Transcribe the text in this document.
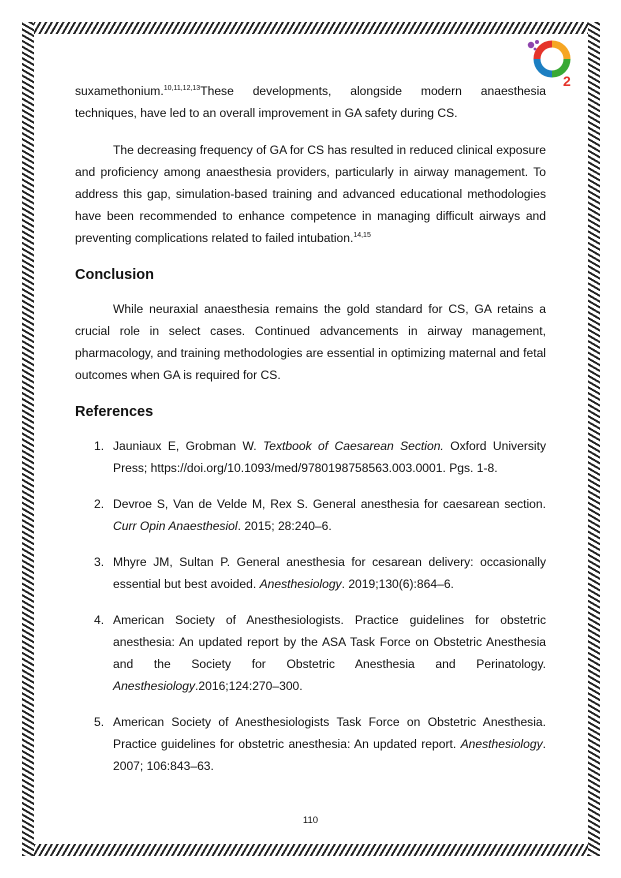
2

suxamethonium.$^{10,11,12,13}$These developments, alongside modern anaesthesia techniques, have led to an overall improvement in GA safety during CS.

The decreasing frequency of GA for CS has resulted in reduced clinical exposure and proficiency among anaesthesia providers, particularly in airway management. To address this gap, simulation-based training and advanced educational methodologies have been recommended to enhance competence in managing difficult airways and preventing complications related to failed intubation.$^{14,15}$

Conclusion

While neuraxial anaesthesia remains the gold standard for CS, GA retains a crucial role in select cases. Continued advancements in airway management, pharmacology, and training methodologies are essential in optimizing maternal and fetal outcomes when GA is required for CS.

References
1. Jauniaux E, Grobman W. Textbook of Caesarean Section. Oxford University Press; https://doi.org/10.1093/med/9780198758563.003.0001. Pgs. 1-8.
2. Devroe S, Van de Velde M, Rex S. General anesthesia for caesarean section. Curr Opin Anaesthesiol. 2015; 28:240–6.
3. Mhyre JM, Sultan P. General anesthesia for cesarean delivery: occasionally essential but best avoided. Anesthesiology. 2019;130(6):864–6.
4. American Society of Anesthesiologists. Practice guidelines for obstetric anesthesia: An updated report by the ASA Task Force on Obstetric Anesthesia and the Society for Obstetric Anesthesia and Perinatology. Anesthesiology.2016;124:270–300.
5. American Society of Anesthesiologists Task Force on Obstetric Anesthesia. Practice guidelines for obstetric anesthesia: An updated report. Anesthesiology. 2007; 106:843–63.
110
